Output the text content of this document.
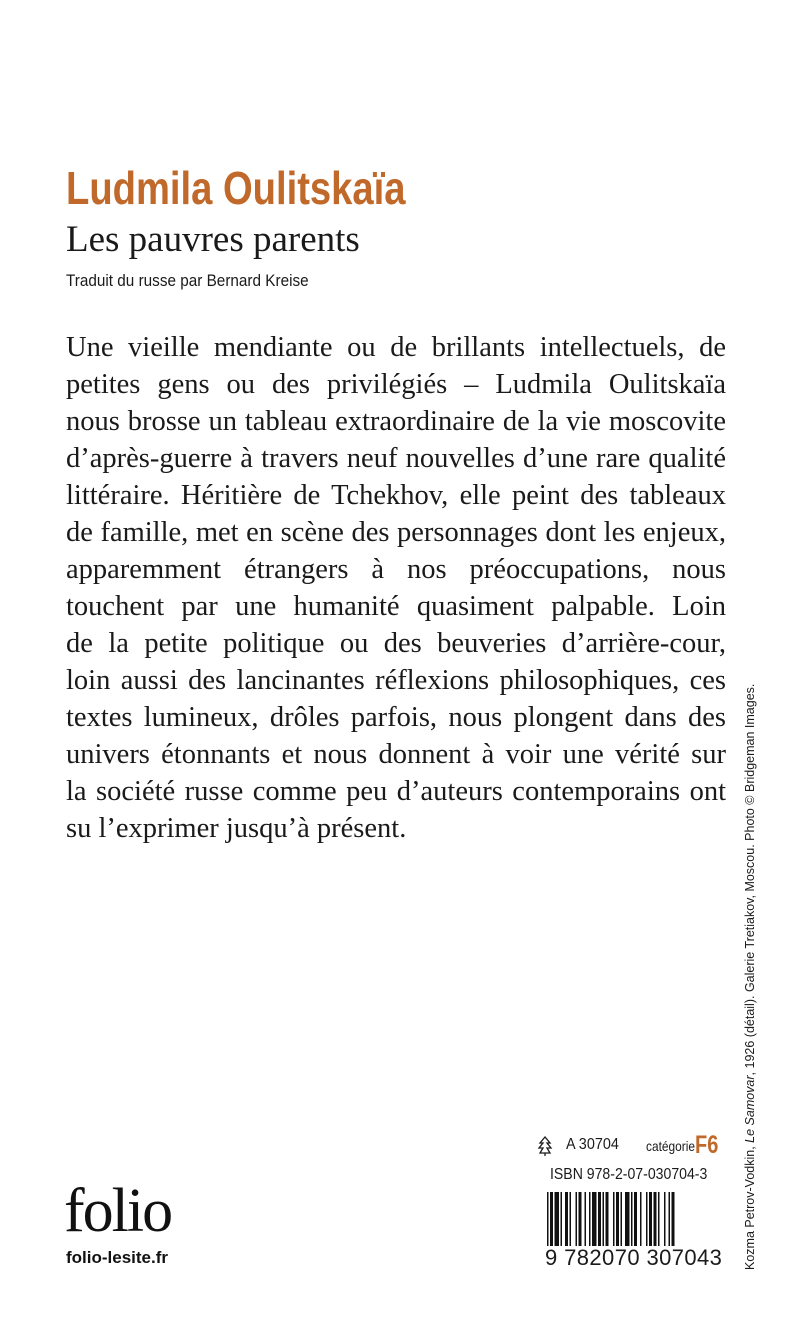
Ludmila Oulitskaïa
Les pauvres parents
Traduit du russe par Bernard Kreise
Une vieille mendiante ou de brillants intellectuels, de
petites gens ou des privilégiés – Ludmila Oulitskaïa
nous brosse un tableau extraordinaire de la vie moscovite
d’après-guerre à travers neuf nouvelles d’une rare qualité
littéraire. Héritière de Tchekhov, elle peint des tableaux
de famille, met en scène des personnages dont les enjeux,
apparemment étrangers à nos préoccupations, nous
touchent par une humanité quasiment palpable. Loin
de la petite politique ou des beuveries d’arrière-cour,
loin aussi des lancinantes réflexions philosophiques, ces
textes lumineux, drôles parfois, nous plongent dans des
univers étonnants et nous donnent à voir une vérité sur
la société russe comme peu d’auteurs contemporains ont
su l’exprimer jusqu’à présent.
Kozma Petrov-Vodkin, Le Samovar, 1926 (détail). Galerie Tretiakov, Moscou. Photo © Bridgeman Images.
folio
folio-lesite.fr
A 30704 catégorie F6
ISBN 978-2-07-030704-3
9 782070 307043
